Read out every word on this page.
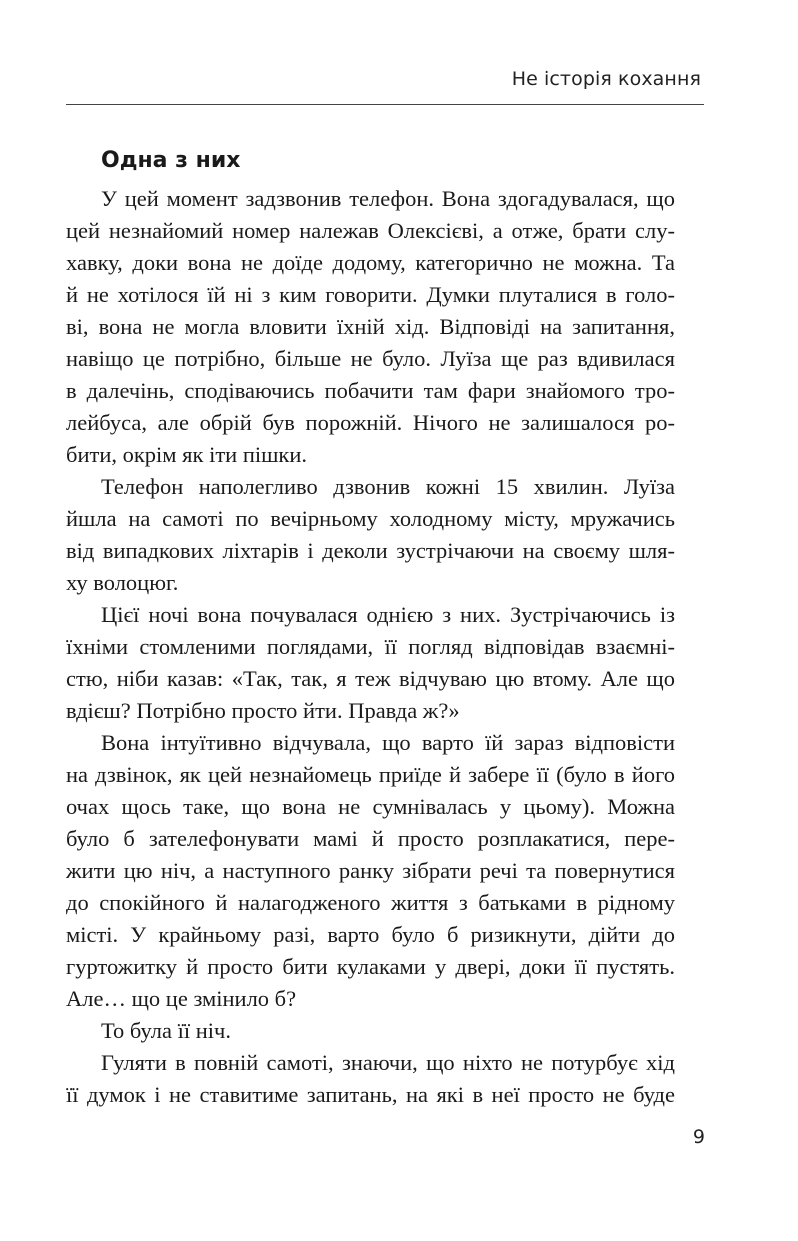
Не історія кохання
Одна з них
У цей момент задзвонив телефон. Вона здогадувалася, що
цей незнайомий номер належав Олексієві, а отже, брати слу-
хавку, доки вона не доїде додому, категорично не можна. Та
й не хотілося їй ні з ким говорити. Думки плуталися в голо-
ві, вона не могла вловити їхній хід. Відповіді на запитання,
навіщо це потрібно, більше не було. Луїза ще раз вдивилася
в далечінь, сподіваючись побачити там фари знайомого тро-
лейбуса, але обрій був порожній. Нічого не залишалося ро-
бити, окрім як іти пішки.
Телефон наполегливо дзвонив кожні 15 хвилин. Луїза
йшла на самоті по вечірньому холодному місту, мружачись
від випадкових ліхтарів і деколи зустрічаючи на своєму шля-
ху волоцюг.
Цієї ночі вона почувалася однією з них. Зустрічаючись із
їхніми стомленими поглядами, її погляд відповідав взаємні-
стю, ніби казав: «Так, так, я теж відчуваю цю втому. Але що
вдієш? Потрібно просто йти. Правда ж?»
Вона інтуїтивно відчувала, що варто їй зараз відповісти
на дзвінок, як цей незнайомець приїде й забере її (було в його
очах щось таке, що вона не сумнівалась у цьому). Можна
було б зателефонувати мамі й просто розплакатися, пере-
жити цю ніч, а наступного ранку зібрати речі та повернутися
до спокійного й налагодженого життя з батьками в рідному
місті. У крайньому разі, варто було б ризикнути, дійти до
гуртожитку й просто бити кулаками у двері, доки її пустять.
Але… що це змінило б?
То була її ніч.
Гуляти в повній самоті, знаючи, що ніхто не потурбує хід
її думок і не ставитиме запитань, на які в неї просто не буде
9
